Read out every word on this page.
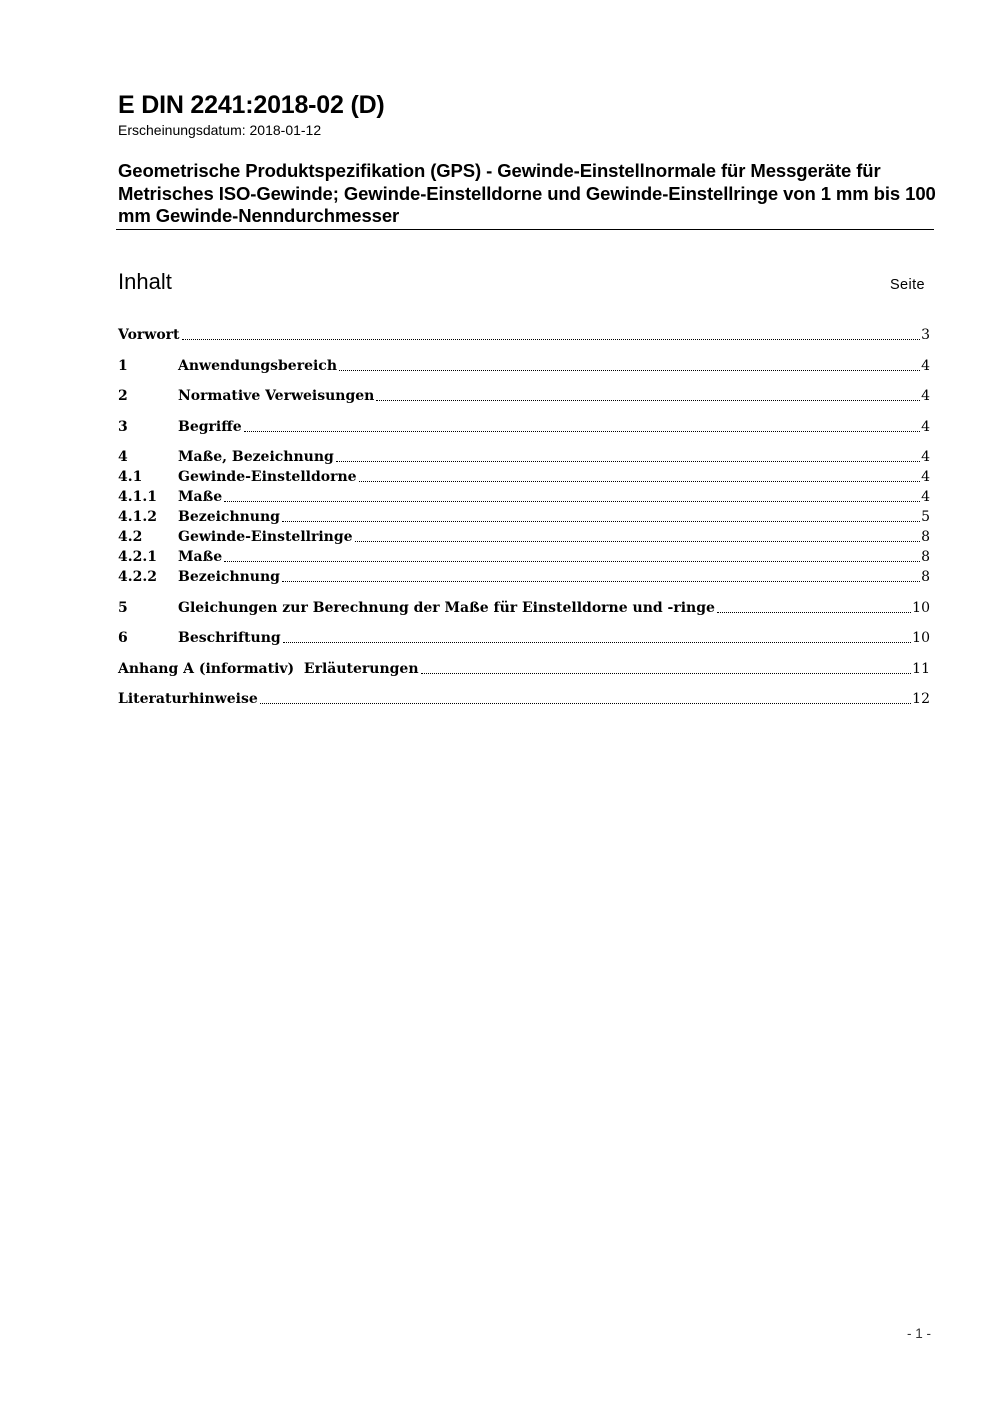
E DIN 2241:2018-02 (D)
Erscheinungsdatum: 2018-01-12
Geometrische Produktspezifikation (GPS) - Gewinde-Einstellnormale für Messgeräte für Metrisches ISO-Gewinde; Gewinde-Einstelldorne und Gewinde-Einstellringe von 1 mm bis 100 mm Gewinde-Nenndurchmesser
Inhalt	Seite
Vorwort	3
1	Anwendungsbereich	4
2	Normative Verweisungen	4
3	Begriffe	4
4	Maße, Bezeichnung	4
4.1	Gewinde-Einstelldorne	4
4.1.1	Maße	4
4.1.2	Bezeichnung	5
4.2	Gewinde-Einstellringe	8
4.2.1	Maße	8
4.2.2	Bezeichnung	8
5	Gleichungen zur Berechnung der Maße für Einstelldorne und -ringe	10
6	Beschriftung	10
Anhang A (informativ)  Erläuterungen	11
Literaturhinweise	12
- 1 -
